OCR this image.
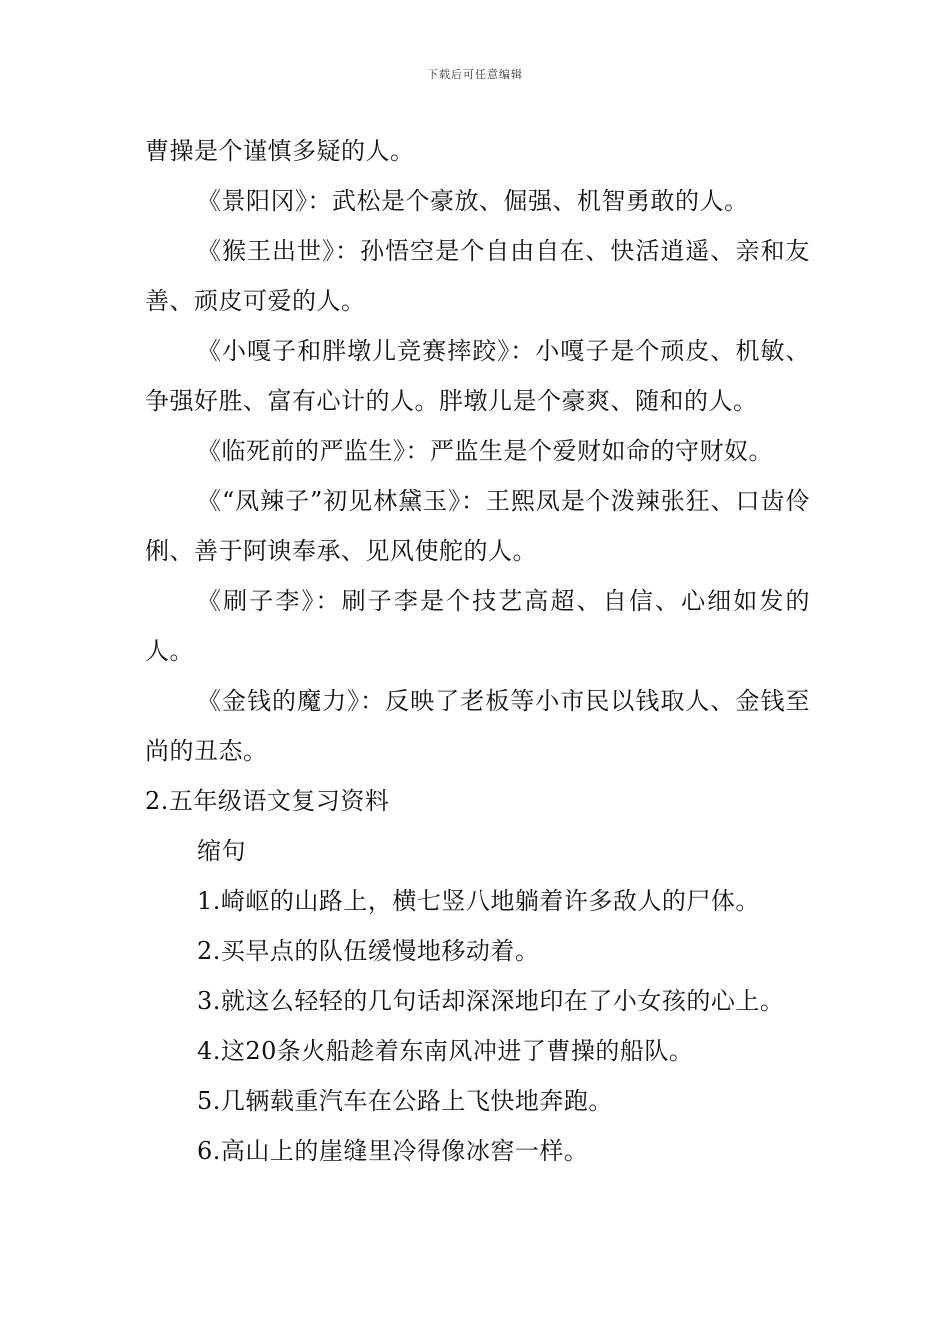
下载后可任意编辑

曹操是个谨慎多疑的人。

《景阳冈》：武松是个豪放、倔强、机智勇敢的人。

《猴王出世》：孙悟空是个自由自在、快活逍遥、亲和友善、顽皮可爱的人。

《小嘎子和胖墩儿竞赛摔跤》：小嘎子是个顽皮、机敏、争强好胜、富有心计的人。胖墩儿是个豪爽、随和的人。

《临死前的严监生》：严监生是个爱财如命的守财奴。

《“凤辣子”初见林黛玉》：王熙凤是个泼辣张狂、口齿伶俐、善于阿谀奉承、见风使舵的人。

《刷子李》：刷子李是个技艺高超、自信、心细如发的人。

《金钱的魔力》：反映了老板等小市民以钱取人、金钱至尚的丑态。

2.五年级语文复习资料

缩句

1.崎岖的山路上，横七竖八地躺着许多敌人的尸体。

2.买早点的队伍缓慢地移动着。

3.就这么轻轻的几句话却深深地印在了小女孩的心上。

4.这20条火船趁着东南风冲进了曹操的船队。

5.几辆载重汽车在公路上飞快地奔跑。

6.高山上的崖缝里冷得像冰窖一样。
